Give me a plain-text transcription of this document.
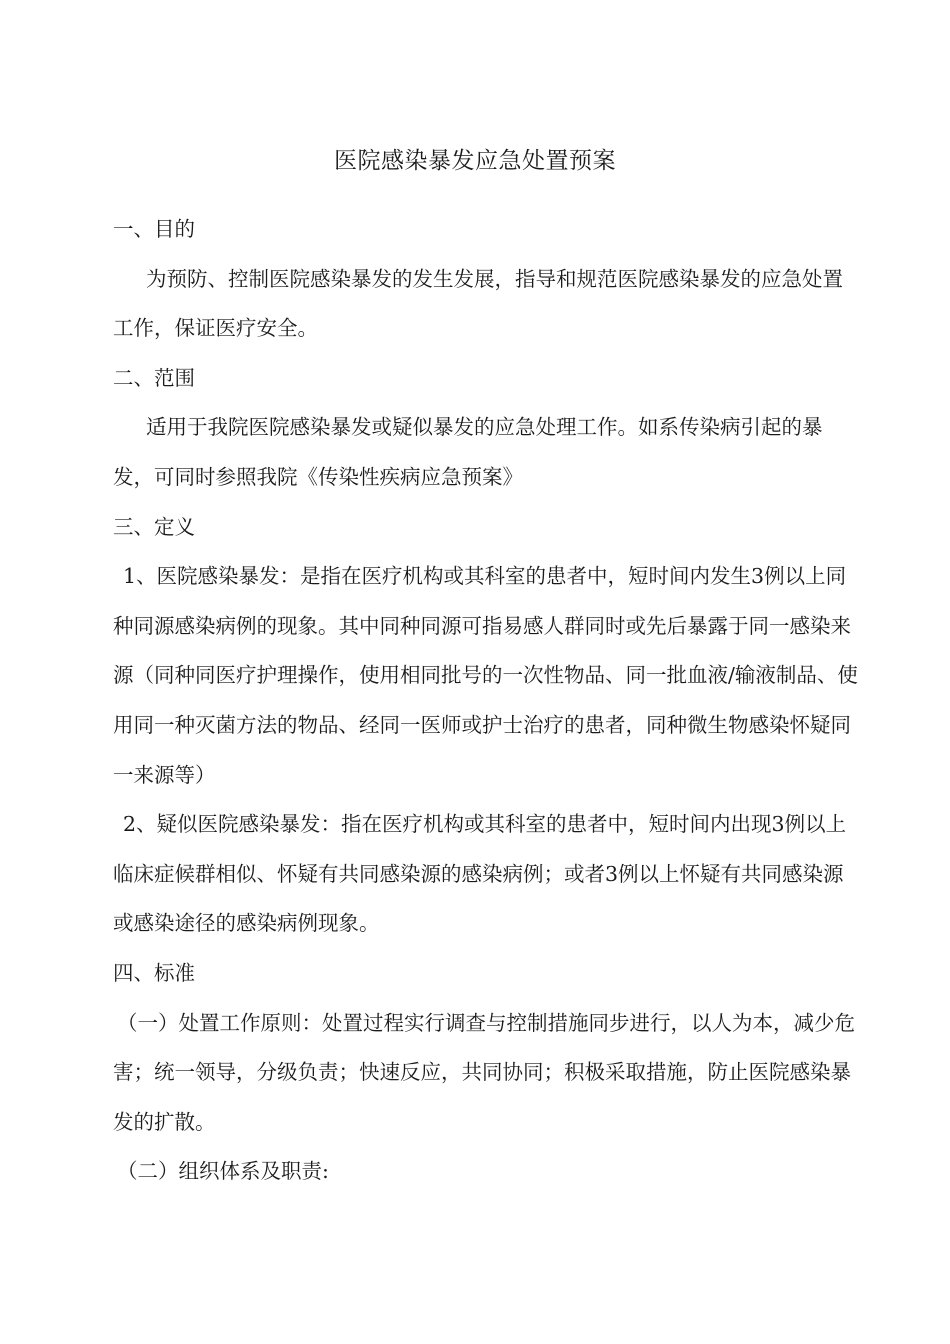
医院感染暴发应急处置预案

一、目的

为预防、控制医院感染暴发的发生发展，指导和规范医院感染暴发的应急处置工作，保证医疗安全。

二、范围

适用于我院医院感染暴发或疑似暴发的应急处理工作。如系传染病引起的暴发，可同时参照我院《传染性疾病应急预案》

三、定义

1、医院感染暴发：是指在医疗机构或其科室的患者中，短时间内发生3例以上同种同源感染病例的现象。其中同种同源可指易感人群同时或先后暴露于同一感染来源（同种同医疗护理操作，使用相同批号的一次性物品、同一批血液/输液制品、使用同一种灭菌方法的物品、经同一医师或护士治疗的患者，同种微生物感染怀疑同一来源等）

2、疑似医院感染暴发：指在医疗机构或其科室的患者中，短时间内出现3例以上临床症候群相似、怀疑有共同感染源的感染病例；或者3例以上怀疑有共同感染源或感染途径的感染病例现象。

四、标准

（一）处置工作原则：处置过程实行调查与控制措施同步进行，以人为本，减少危害；统一领导，分级负责；快速反应，共同协同；积极采取措施，防止医院感染暴发的扩散。

（二）组织体系及职责:
